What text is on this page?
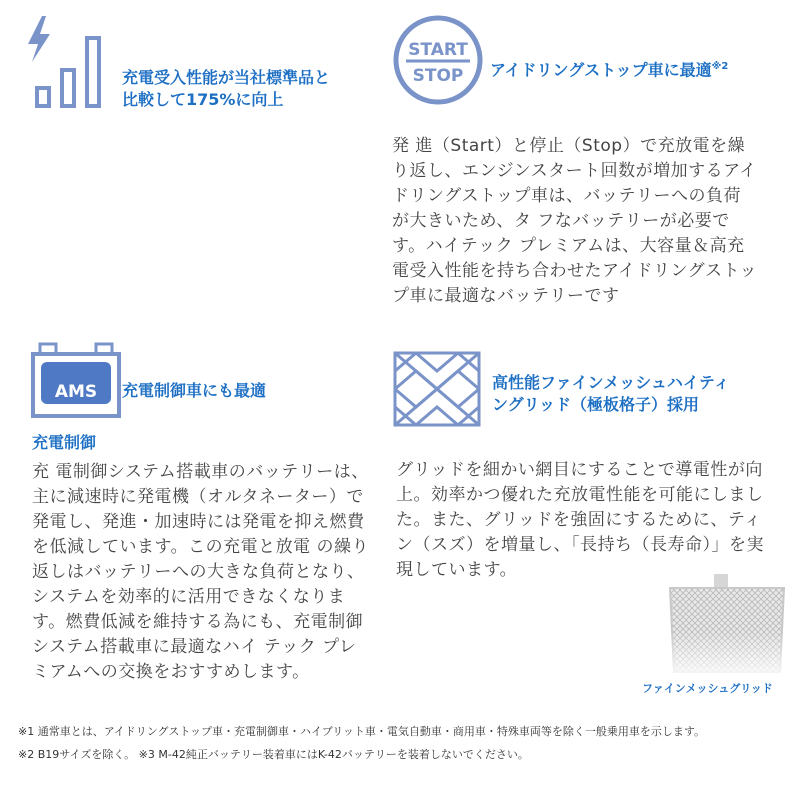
充電受入性能が当社標準品と
比較して175%に向上
START
STOP	アイドリングストップ車に最適$^{※2}$
発 進（Start）と停止（Stop）で充放電を繰り返し、エンジンスタート回数が増加するアイドリングストップ車は、バッテリーへの負荷が大きいため、タ フなバッテリーが必要です。ハイテック プレミアムは、大容量＆高充電受入性能を持ち合わせたアイドリングストップ車に最適なバッテリーです
AMS	充電制御車にも最適
充電制御
充 電制御システム搭載車のバッテリーは、主に減速時に発電機（オルタネーター）で発電し、発進・加速時には発電を抑え燃費を低減しています。この充電と放電 の繰り返しはバッテリーへの大きな負荷となり、システムを効率的に活用できなくなります。燃費低減を維持する為にも、充電制御システム搭載車に最適なハイ テック プレミアムへの交換をおすすめします。
高性能ファインメッシュハイティ
ングリッド（極板格子）採用
グリッドを細かい網目にすることで導電性が向上。効率かつ優れた充放電性能を可能にしました。また、グリッドを強固にするために、ティン（スズ）を増量し、「長持ち（長寿命）」を実現しています。
ファインメッシュグリッド
※1 通常車とは、アイドリングストップ車・充電制御車・ハイブリット車・電気自動車・商用車・特殊車両等を除く一般乗用車を示します。
※2 B19サイズを除く。 ※3 M-42純正バッテリー装着車にはK-42バッテリーを装着しないでください。
